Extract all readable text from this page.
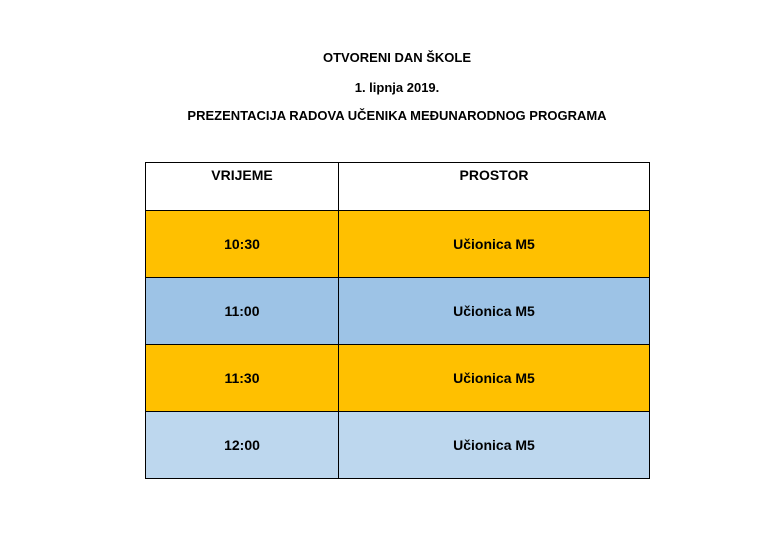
OTVORENI DAN ŠKOLE
1. lipnja 2019.
PREZENTACIJA RADOVA UČENIKA MEĐUNARODNOG PROGRAMA
VRIJEME	PROSTOR
10:30	Učionica M5
11:00	Učionica M5
11:30	Učionica M5
12:00	Učionica M5
